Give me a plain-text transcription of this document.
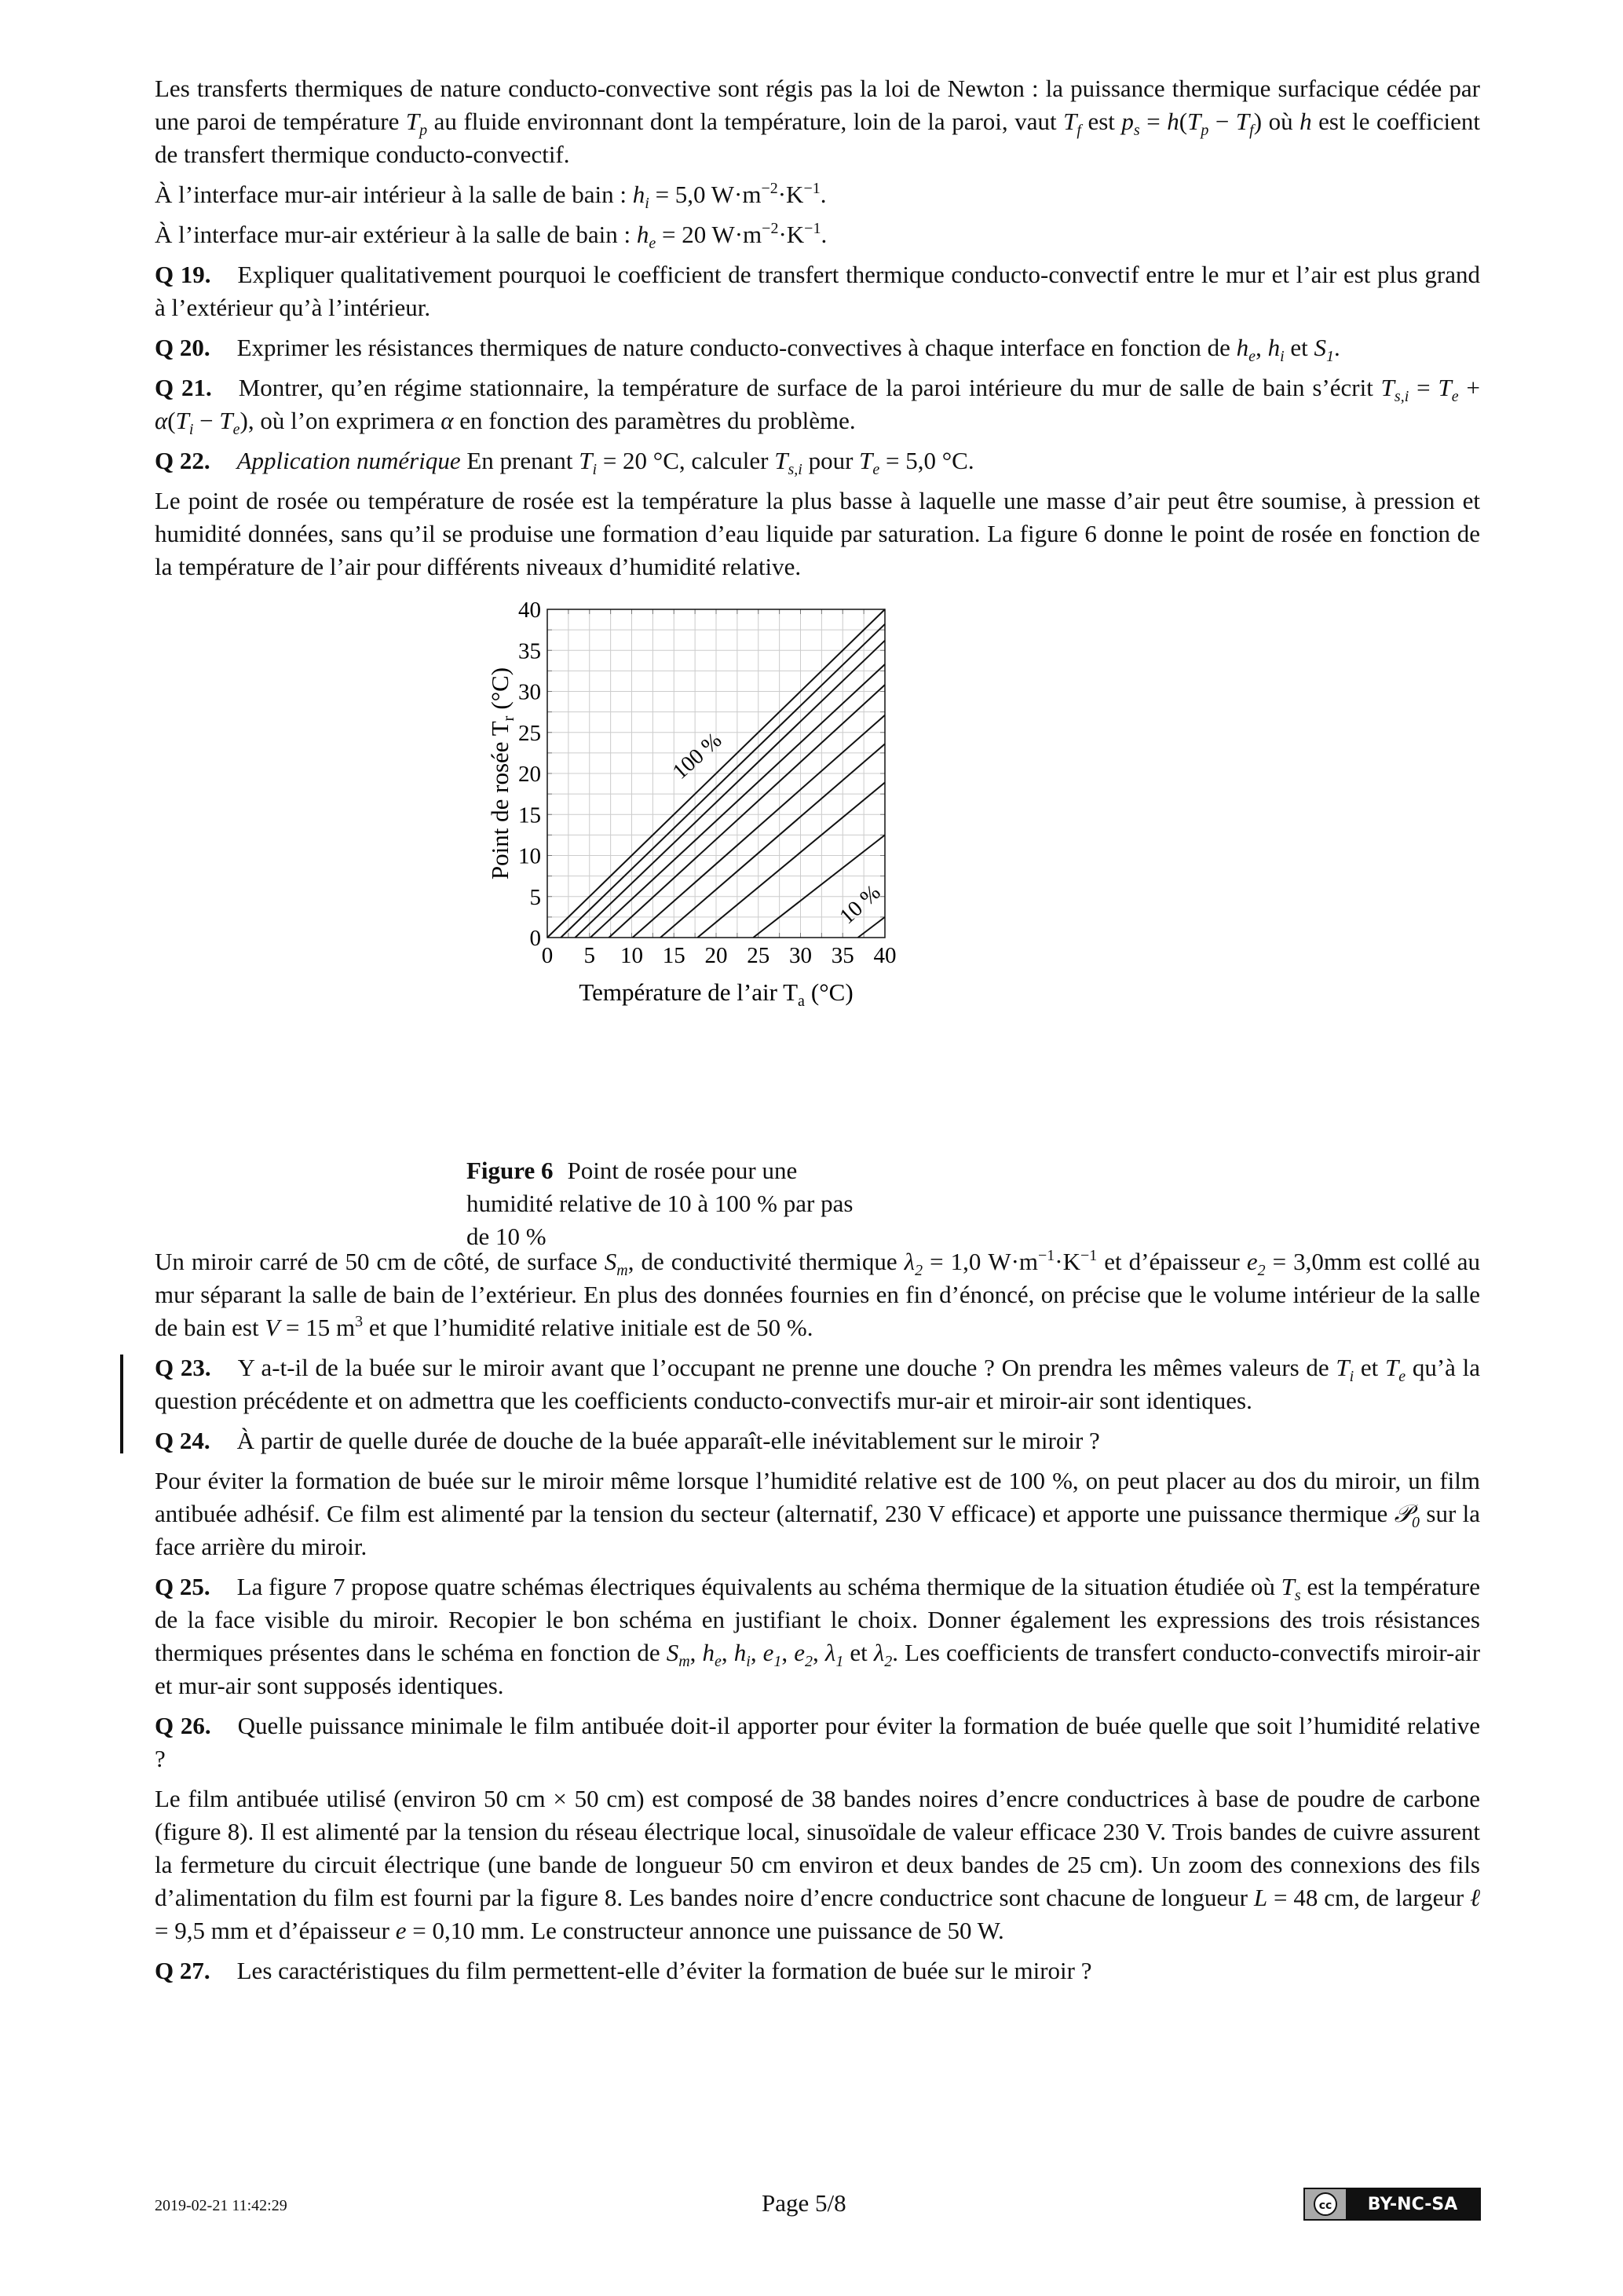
Les transferts thermiques de nature conducto-convective sont régis pas la loi de Newton : la puissance thermique surfacique cédée par une paroi de température $T_p$ au fluide environnant dont la température, loin de la paroi, vaut $T_f$ est $p_s = h(T_p - T_f)$ où h est le coefficient de transfert thermique conducto-convectif.

À l’interface mur-air intérieur à la salle de bain : $h_i = 5,0$ $W\cdot m^{-2}\cdot K^{-1}$.

À l’interface mur-air extérieur à la salle de bain : $h_e = 20$ $W\cdot m^{-2}\cdot K^{-1}$.

Q 19. Expliquer qualitativement pourquoi le coefficient de transfert thermique conducto-convectif entre le mur et l’air est plus grand à l’extérieur qu’à l’intérieur.

Q 20. Exprimer les résistances thermiques de nature conducto-convectives à chaque interface en fonction de $h_e$, $h_i$ et $S_1$.

Q 21. Montrer, qu’en régime stationnaire, la température de surface de la paroi intérieure du mur de salle de bain s’écrit $T_{s,i} = T_e + \alpha(T_i - T_e)$, où l’on exprimera α en fonction des paramètres du problème.

Q 22. Application numérique En prenant $T_i = 20$ °C, calculer $T_{s,i}$ pour $T_e = 5,0$ °C.

Le point de rosée ou température de rosée est la température la plus basse à laquelle une masse d’air peut être soumise, à pression et humidité données, sans qu’il se produise une formation d’eau liquide par saturation. La figure 6 donne le point de rosée en fonction de la température de l’air pour différents niveaux d’humidité relative.

0 5 10 15 20 25 30 35 40
0
5
10
15
20
25
30
35
40
Température de l’air $T_a$ (°C)
Point de rosée $T_r(^\circ C)$
100 %
10 %
Figure 6 Point de rosée pour une humidité relative de 10 à 100 % par pas de 10 %

Un miroir carré de 50 cm de côté, de surface $S_m$, de conductivité thermique $\lambda_2 = 1,0$ $W\cdot m^{-1}\cdot K^{-1}$ et d’épaisseur $e_2 = 3,0mm$ est collé au mur séparant la salle de bain de l’extérieur. En plus des données fournies en fin d’énoncé, on précise que le volume intérieur de la salle de bain est V = 15 $m^3$ et que l’humidité relative initiale est de 50 %.

Q 23. Y a-t-il de la buée sur le miroir avant que l’occupant ne prenne une douche ? On prendra les mêmes valeurs de $T_i$ et $T_e$ qu’à la question précédente et on admettra que les coefficients conducto-convectifs mur-air et miroir-air sont identiques.

Q 24. À partir de quelle durée de douche de la buée apparaît-elle inévitablement sur le miroir ?

Pour éviter la formation de buée sur le miroir même lorsque l’humidité relative est de 100 %, on peut placer au dos du miroir, un film antibuée adhésif. Ce film est alimenté par la tension du secteur (alternatif, 230 V efficace) et apporte une puissance thermique 𝒫$_0$ sur la face arrière du miroir.

Q 25. La figure 7 propose quatre schémas électriques équivalents au schéma thermique de la situation étudiée où $T_s$ est la température de la face visible du miroir. Recopier le bon schéma en justifiant le choix. Donner également les expressions des trois résistances thermiques présentes dans le schéma en fonction de $S_m$, $h_e$, $h_i$, $e_1$, $e_2$, $\lambda_1$ et $\lambda_2$. Les coefficients de transfert conducto-convectifs miroir-air et mur-air sont supposés identiques.

Q 26. Quelle puissance minimale le film antibuée doit-il apporter pour éviter la formation de buée quelle que soit l’humidité relative ?

Le film antibuée utilisé (environ 50 cm × 50 cm) est composé de 38 bandes noires d’encre conductrices à base de poudre de carbone (figure 8). Il est alimenté par la tension du réseau électrique local, sinusoïdale de valeur efficace 230 V. Trois bandes de cuivre assurent la fermeture du circuit électrique (une bande de longueur 50 cm environ et deux bandes de 25 cm). Un zoom des connexions des fils d’alimentation du film est fourni par la figure 8. Les bandes noire d’encre conductrice sont chacune de longueur L = 48 cm, de largeur ℓ = 9,5 mm et d’épaisseur e = 0,10 mm. Le constructeur annonce une puissance de 50 W.

Q 27. Les caractéristiques du film permettent-elle d’éviter la formation de buée sur le miroir ?

2019-02-21 11:42:29	Page 5/8	cc	BY-NC-SA
